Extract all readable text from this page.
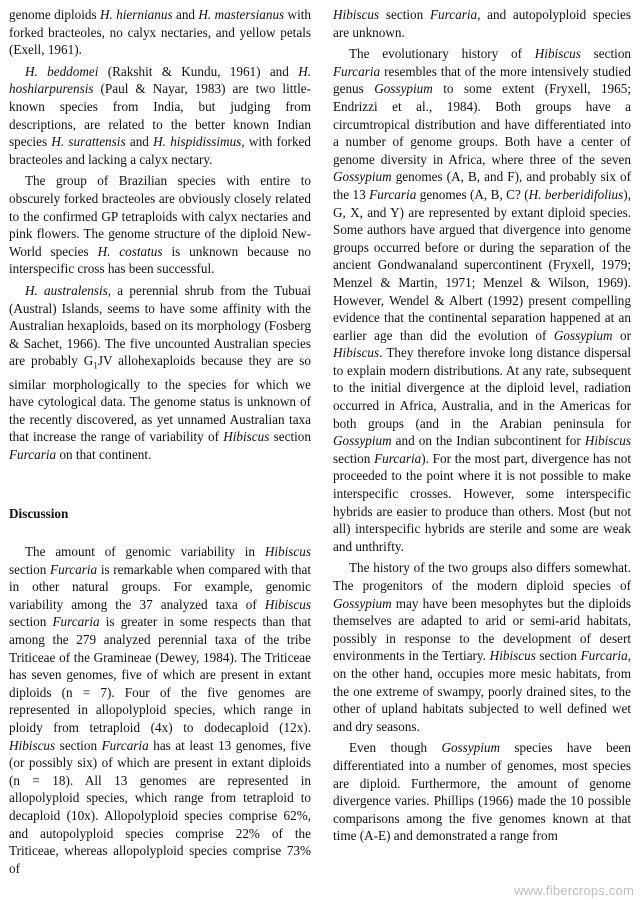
genome diploids H. hiernianus and H. mastersianus with forked bracteoles, no calyx nectaries, and yellow petals (Exell, 1961).

H. beddomei (Rakshit & Kundu, 1961) and H. hoshiarpurensis (Paul & Nayar, 1983) are two little-known species from India, but judging from descriptions, are related to the better known Indian species H. surattensis and H. hispidissimus, with forked bracteoles and lacking a calyx nectary.

The group of Brazilian species with entire to obscurely forked bracteoles are obviously closely related to the confirmed GP tetraploids with calyx nectaries and pink flowers. The genome structure of the diploid New-World species H. costatus is unknown because no interspecific cross has been successful.

H. australensis, a perennial shrub from the Tubuai (Austral) Islands, seems to have some affinity with the Australian hexaploids, based on its morphology (Fosberg & Sachet, 1966). The five uncounted Australian species are probably $G_1JV$ allohexaploids because they are so similar morphologically to the species for which we have cytological data. The genome status is unknown of the recently discovered, as yet unnamed Australian taxa that increase the range of variability of Hibiscus section Furcaria on that continent.

Discussion

The amount of genomic variability in Hibiscus section Furcaria is remarkable when compared with that in other natural groups. For example, genomic variability among the 37 analyzed taxa of Hibiscus section Furcaria is greater in some respects than that among the 279 analyzed perennial taxa of the tribe Triticeae of the Gramineae (Dewey, 1984). The Triticeae has seven genomes, five of which are present in extant diploids (n = 7). Four of the five genomes are represented in allopolyploid species, which range in ploidy from tetraploid (4x) to dodecaploid (12x). Hibiscus section Furcaria has at least 13 genomes, five (or possibly six) of which are present in extant diploids (n = 18). All 13 genomes are represented in allopolyploid species, which range from tetraploid to decaploid (10x). Allopolyploid species comprise 62%, and autopolyploid species comprise 22% of the Triticeae, whereas allopolyploid species comprise 73% of

Hibiscus section Furcaria, and autopolyploid species are unknown.

The evolutionary history of Hibiscus section Furcaria resembles that of the more intensively studied genus Gossypium to some extent (Fryxell, 1965; Endrizzi et al., 1984). Both groups have a circumtropical distribution and have differentiated into a number of genome groups. Both have a center of genome diversity in Africa, where three of the seven Gossypium genomes (A, B, and F), and probably six of the 13 Furcaria genomes (A, B, C? (H. berberidifolius), G, X, and Y) are represented by extant diploid species. Some authors have argued that divergence into genome groups occurred before or during the separation of the ancient Gondwanaland supercontinent (Fryxell, 1979; Menzel & Martin, 1971; Menzel & Wilson, 1969). However, Wendel & Albert (1992) present compelling evidence that the continental separation happened at an earlier age than did the evolution of Gossypium or Hibiscus. They therefore invoke long distance dispersal to explain modern distributions. At any rate, subsequent to the initial divergence at the diploid level, radiation occurred in Africa, Australia, and in the Americas for both groups (and in the Arabian peninsula for Gossypium and on the Indian subcontinent for Hibiscus section Furcaria). For the most part, divergence has not proceeded to the point where it is not possible to make interspecific crosses. However, some interspecific hybrids are easier to produce than others. Most (but not all) interspecific hybrids are sterile and some are weak and unthrifty.

The history of the two groups also differs somewhat. The progenitors of the modern diploid species of Gossypium may have been mesophytes but the diploids themselves are adapted to arid or semi-arid habitats, possibly in response to the development of desert environments in the Tertiary. Hibiscus section Furcaria, on the other hand, occupies more mesic habitats, from the one extreme of swampy, poorly drained sites, to the other of upland habitats subjected to well defined wet and dry seasons.

Even though Gossypium species have been differentiated into a number of genomes, most species are diploid. Furthermore, the amount of genome divergence varies. Phillips (1966) made the 10 possible comparisons among the five genomes known at that time (A-E) and demonstrated a range from

www.fibercrops.com
